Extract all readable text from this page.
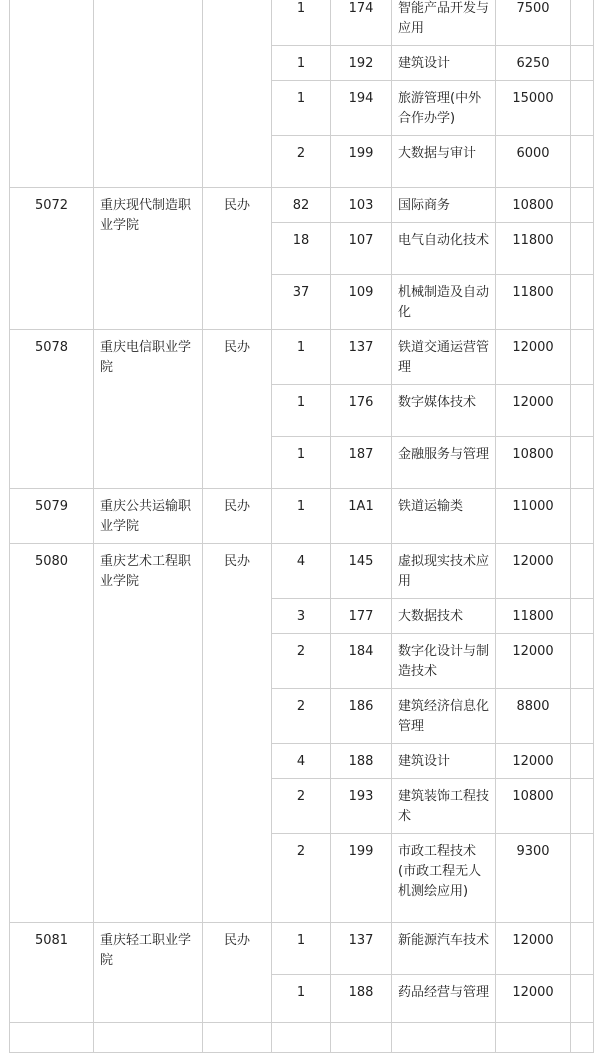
			1	174	智能产品开发与应用	7500	
			1	192	建筑设计	6250	
			1	194	旅游管理(中外合作办学)	15000	
			2	199	大数据与审计	6000	
5072	重庆现代制造职业学院	民办	82	103	国际商务	10800	
			18	107	电气自动化技术	11800	
			37	109	机械制造及自动化	11800	
5078	重庆电信职业学院	民办	1	137	铁道交通运营管理	12000	
			1	176	数字媒体技术	12000	
			1	187	金融服务与管理	10800	
5079	重庆公共运输职业学院	民办	1	1A1	铁道运输类	11000	
5080	重庆艺术工程职业学院	民办	4	145	虚拟现实技术应用	12000	
			3	177	大数据技术	11800	
			2	184	数字化设计与制造技术	12000	
			2	186	建筑经济信息化管理	8800	
			4	188	建筑设计	12000	
			2	193	建筑装饰工程技术	10800	
			2	199	市政工程技术(市政工程无人机测绘应用)	9300	
5081	重庆轻工职业学院	民办	1	137	新能源汽车技术	12000	
			1	188	药品经营与管理	12000	
